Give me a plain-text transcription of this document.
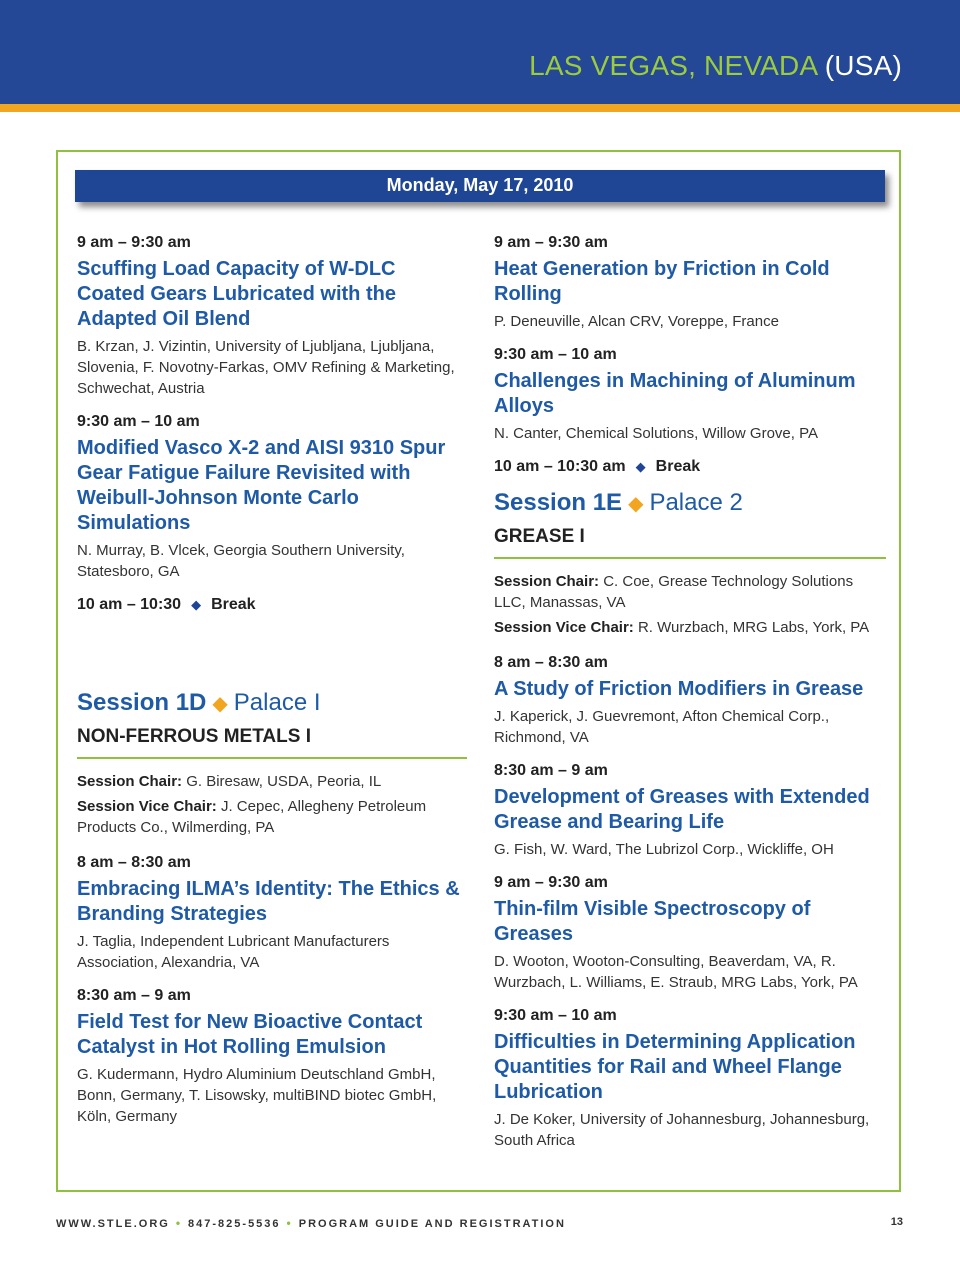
LAS VEGAS, NEVADA (USA)
Monday, May 17, 2010
9 am – 9:30 am
Scuffing Load Capacity of W-DLC Coated Gears Lubricated with the Adapted Oil Blend
B. Krzan, J. Vizintin, University of Ljubljana, Ljubljana, Slovenia, F. Novotny-Farkas, OMV Refining & Marketing, Schwechat, Austria
9:30 am – 10 am
Modified Vasco X-2 and AISI 9310 Spur Gear Fatigue Failure Revisited with Weibull-Johnson Monte Carlo Simulations
N. Murray, B. Vlcek, Georgia Southern University, Statesboro, GA
10 am – 10:30 ◆ Break
Session 1D ◆ Palace I
NON-FERROUS METALS I
Session Chair: G. Biresaw, USDA, Peoria, IL
Session Vice Chair: J. Cepec, Allegheny Petroleum Products Co., Wilmerding, PA
8 am – 8:30 am
Embracing ILMA’s Identity: The Ethics & Branding Strategies
J. Taglia, Independent Lubricant Manufacturers Association, Alexandria, VA
8:30 am – 9 am
Field Test for New Bioactive Contact Catalyst in Hot Rolling Emulsion
G. Kudermann, Hydro Aluminium Deutschland GmbH, Bonn, Germany, T. Lisowsky, multiBIND biotec GmbH, Köln, Germany
9 am – 9:30 am
Heat Generation by Friction in Cold Rolling
P. Deneuville, Alcan CRV, Voreppe, France
9:30 am – 10 am
Challenges in Machining of Aluminum Alloys
N. Canter, Chemical Solutions, Willow Grove, PA
10 am – 10:30 am ◆ Break
Session 1E ◆ Palace 2
GREASE I
Session Chair: C. Coe, Grease Technology Solutions LLC, Manassas, VA
Session Vice Chair: R. Wurzbach, MRG Labs, York, PA
8 am – 8:30 am
A Study of Friction Modifiers in Grease
J. Kaperick, J. Guevremont, Afton Chemical Corp., Richmond, VA
8:30 am – 9 am
Development of Greases with Extended Grease and Bearing Life
G. Fish, W. Ward, The Lubrizol Corp., Wickliffe, OH
9 am – 9:30 am
Thin-film Visible Spectroscopy of Greases
D. Wooton, Wooton-Consulting, Beaverdam, VA, R. Wurzbach, L. Williams, E. Straub, MRG Labs, York, PA
9:30 am – 10 am
Difficulties in Determining Application Quantities for Rail and Wheel Flange Lubrication
J. De Koker, University of Johannesburg, Johannesburg, South Africa
WWW.STLE.ORG • 847-825-5536 • PROGRAM GUIDE AND REGISTRATION	13
